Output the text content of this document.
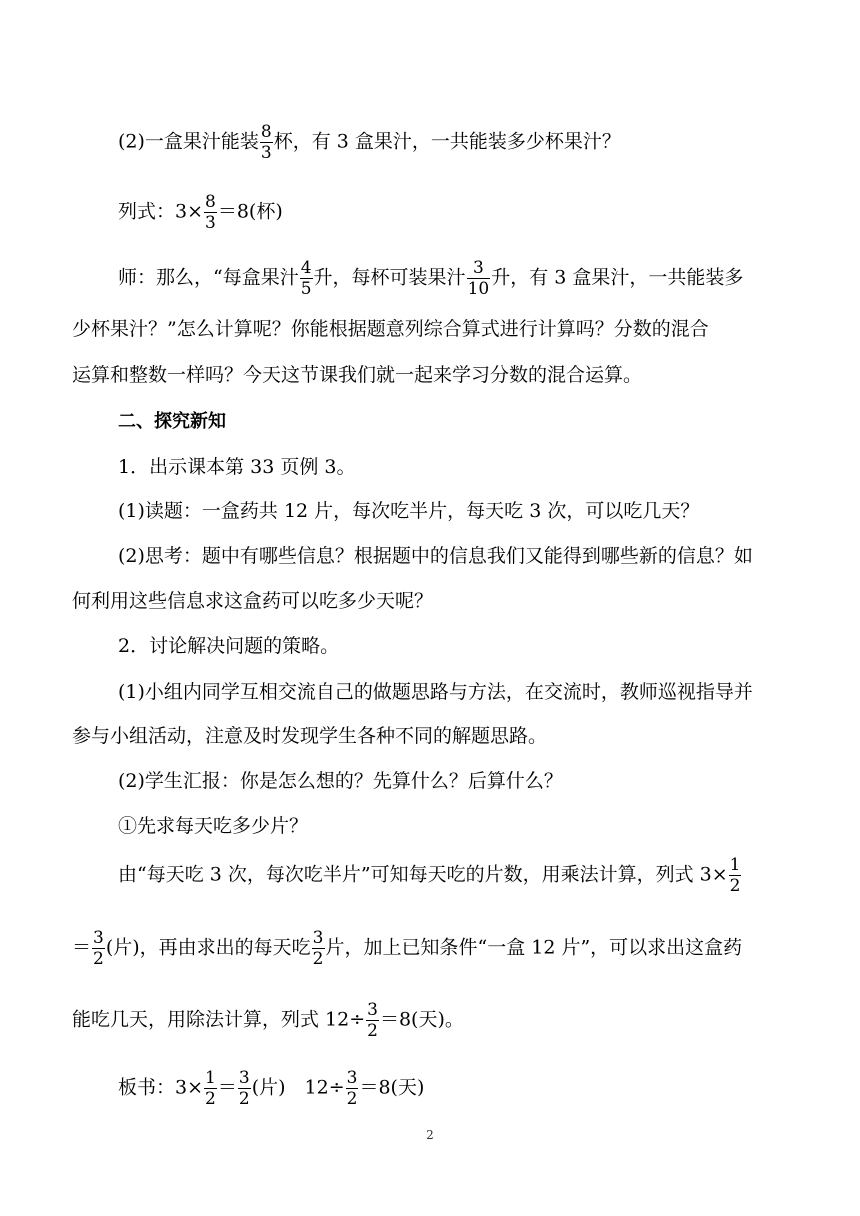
(2)一盒果汁能装 $\frac{8}{3}$ 杯，有 3 盒果汁，一共能装多少杯果汁？
列式：$3\times \frac{8}{3} =8$(杯)
师：那么，“每盒果汁 $\frac{4}{5}$ 升，每杯可装果汁 $\frac{3}{10}$ 升，有 3 盒果汁，一共能装多
少杯果汁？”怎么计算呢？你能根据题意列综合算式进行计算吗？分数的混合
运算和整数一样吗？今天这节课我们就一起来学习分数的混合运算。
二、探究新知
1．出示课本第 33 页例 3。
(1)读题：一盒药共 12 片，每次吃半片，每天吃 3 次，可以吃几天？
(2)思考：题中有哪些信息？根据题中的信息我们又能得到哪些新的信息？如
何利用这些信息求这盒药可以吃多少天呢？
2．讨论解决问题的策略。
(1)小组内同学互相交流自己的做题思路与方法，在交流时，教师巡视指导并
参与小组活动，注意及时发现学生各种不同的解题思路。
(2)学生汇报：你是怎么想的？先算什么？后算什么？
①先求每天吃多少片？
由“每天吃 3 次，每次吃半片”可知每天吃的片数，用乘法计算，列式 $3\times \frac{1}{2}$
＝ $\frac{3}{2}$ (片)，再由求出的每天吃 $\frac{3}{2}$ 片，加上已知条件“一盒 12 片”，可以求出这盒药
能吃几天，用除法计算，列式 $12\div \frac{3}{2} =8$(天)。
板书：$3\times \frac{1}{2} = \frac{3}{2}$ (片)　$12\div \frac{3}{2} =8$(天)
2
